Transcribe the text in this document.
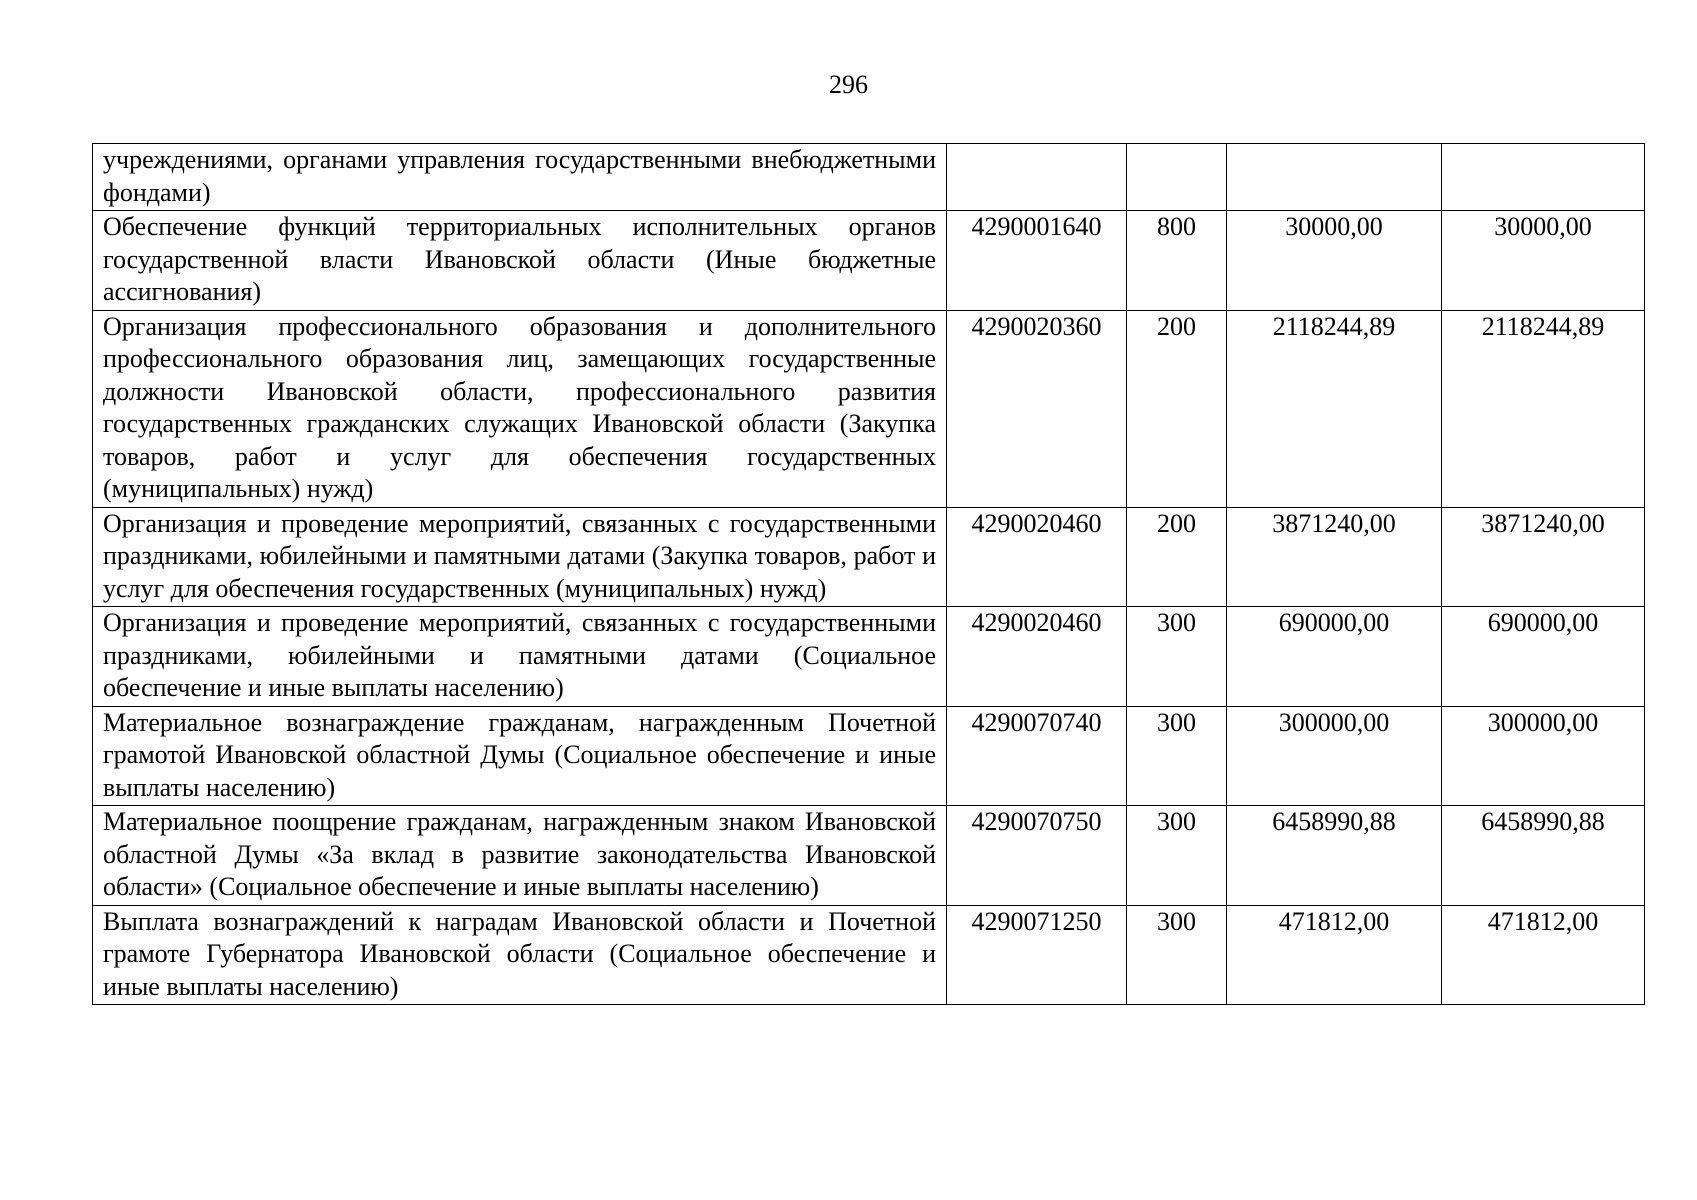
296
учреждениями, органами управления государственными внебюджетными фондами)				
Обеспечение функций территориальных исполнительных органов государственной власти Ивановской области (Иные бюджетные ассигнования)	4290001640	800	30000,00	30000,00
Организация профессионального образования и дополнительного профессионального образования лиц, замещающих государственные должности Ивановской области, профессионального развития государственных гражданских служащих Ивановской области (Закупка товаров, работ и услуг для обеспечения государственных (муниципальных) нужд)	4290020360	200	2118244,89	2118244,89
Организация и проведение мероприятий, связанных с государственными праздниками, юбилейными и памятными датами (Закупка товаров, работ и услуг для обеспечения государственных (муниципальных) нужд)	4290020460	200	3871240,00	3871240,00
Организация и проведение мероприятий, связанных с государственными праздниками, юбилейными и памятными датами (Социальное обеспечение и иные выплаты населению)	4290020460	300	690000,00	690000,00
Материальное вознаграждение гражданам, награжденным Почетной грамотой Ивановской областной Думы (Социальное обеспечение и иные выплаты населению)	4290070740	300	300000,00	300000,00
Материальное поощрение гражданам, награжденным знаком Ивановской областной Думы «За вклад в развитие законодательства Ивановской области» (Социальное обеспечение и иные выплаты населению)	4290070750	300	6458990,88	6458990,88
Выплата вознаграждений к наградам Ивановской области и Почетной грамоте Губернатора Ивановской области (Социальное обеспечение и иные выплаты населению)	4290071250	300	471812,00	471812,00
